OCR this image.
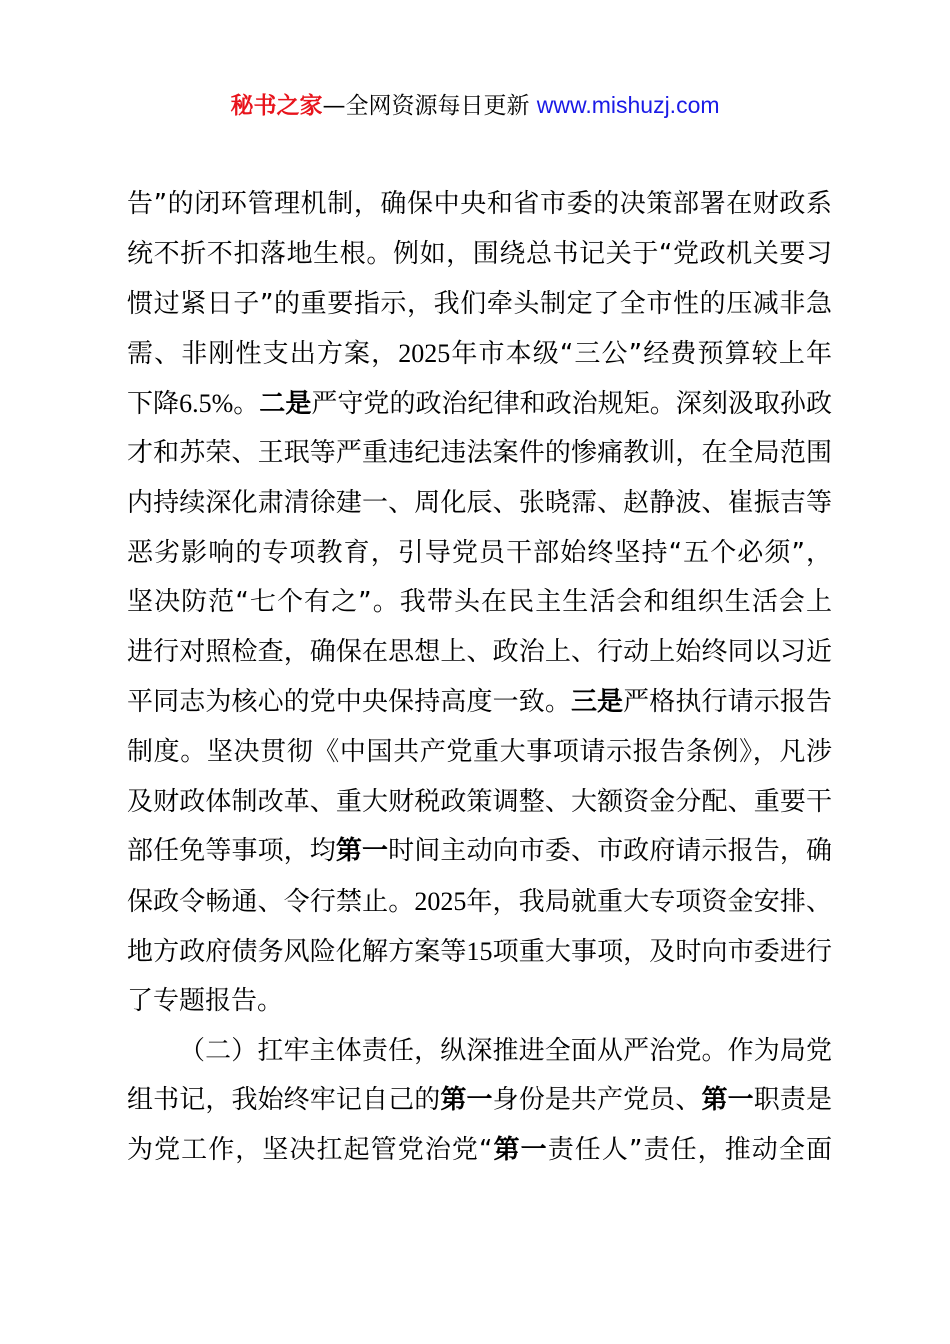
秘书之家—全网资源每日更新 www.mishuzj.com
告”的闭环管理机制，确保中央和省市委的决策部署在财政系
统不折不扣落地生根。例如，围绕总书记关于“党政机关要习
惯过紧日子”的重要指示，我们牵头制定了全市性的压减非急
需、非刚性支出方案，2025年市本级“三公”经费预算较上年
下降6.5%。二是严守党的政治纪律和政治规矩。深刻汲取孙政
才和苏荣、王珉等严重违纪违法案件的惨痛教训，在全局范围
内持续深化肃清徐建一、周化辰、张晓霈、赵静波、崔振吉等
恶劣影响的专项教育，引导党员干部始终坚持“五个必须”，
坚决防范“七个有之”。我带头在民主生活会和组织生活会上
进行对照检查，确保在思想上、政治上、行动上始终同以习近
平同志为核心的党中央保持高度一致。三是严格执行请示报告
制度。坚决贯彻《中国共产党重大事项请示报告条例》，凡涉
及财政体制改革、重大财税政策调整、大额资金分配、重要干
部任免等事项，均第一时间主动向市委、市政府请示报告，确
保政令畅通、令行禁止。2025年，我局就重大专项资金安排、
地方政府债务风险化解方案等15项重大事项，及时向市委进行
了专题报告。
（二）扛牢主体责任，纵深推进全面从严治党。作为局党
组书记，我始终牢记自己的第一身份是共产党员、第一职责是
为党工作，坚决扛起管党治党“第一责任人”责任，推动全面
